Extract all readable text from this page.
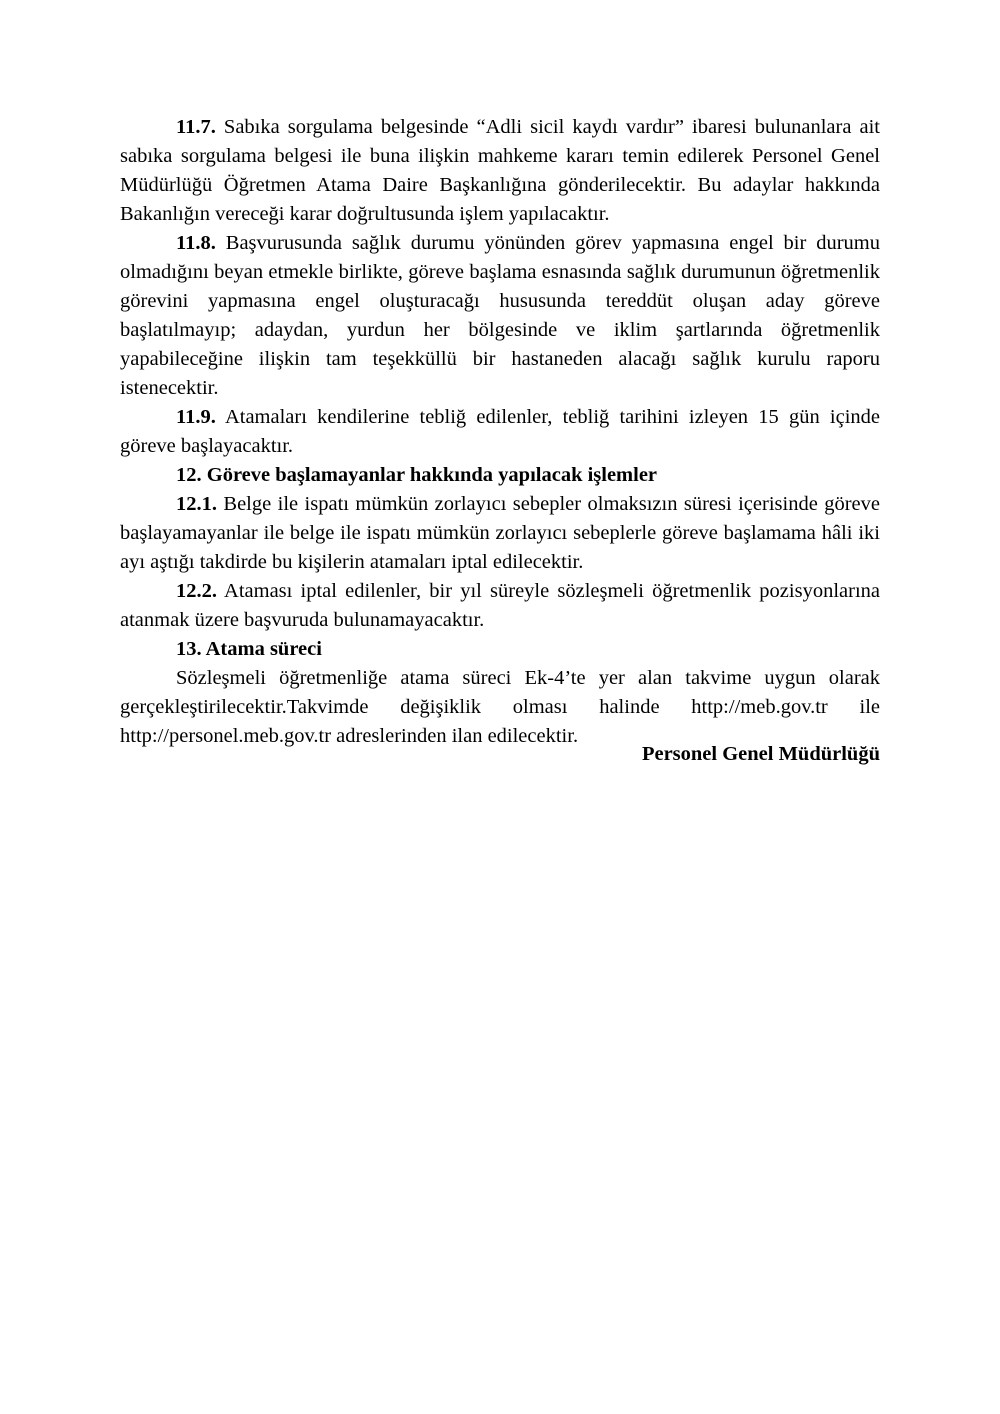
11.7. Sabıka sorgulama belgesinde “Adli sicil kaydı vardır” ibaresi bulunanlara ait sabıka sorgulama belgesi ile buna ilişkin mahkeme kararı temin edilerek Personel Genel Müdürlüğü Öğretmen Atama Daire Başkanlığına gönderilecektir. Bu adaylar hakkında Bakanlığın vereceği karar doğrultusunda işlem yapılacaktır.

11.8. Başvurusunda sağlık durumu yönünden görev yapmasına engel bir durumu olmadığını beyan etmekle birlikte, göreve başlama esnasında sağlık durumunun öğretmenlik görevini yapmasına engel oluşturacağı hususunda tereddüt oluşan aday göreve başlatılmayıp; adaydan, yurdun her bölgesinde ve iklim şartlarında öğretmenlik yapabileceğine ilişkin tam teşekküllü bir hastaneden alacağı sağlık kurulu raporu istenecektir.

11.9. Atamaları kendilerine tebliğ edilenler, tebliğ tarihini izleyen 15 gün içinde göreve başlayacaktır.

12. Göreve başlamayanlar hakkında yapılacak işlemler

12.1. Belge ile ispatı mümkün zorlayıcı sebepler olmaksızın süresi içerisinde göreve başlayamayanlar ile belge ile ispatı mümkün zorlayıcı sebeplerle göreve başlamama hâli iki ayı aştığı takdirde bu kişilerin atamaları iptal edilecektir.

12.2. Ataması iptal edilenler, bir yıl süreyle sözleşmeli öğretmenlik pozisyonlarına atanmak üzere başvuruda bulunamayacaktır.

13. Atama süreci

Sözleşmeli öğretmenliğe atama süreci Ek-4’te yer alan takvime uygun olarak gerçekleştirilecektir.Takvimde değişiklik olması halinde http://meb.gov.tr ile http://personel.meb.gov.tr adreslerinden ilan edilecektir.

Personel Genel Müdürlüğü
